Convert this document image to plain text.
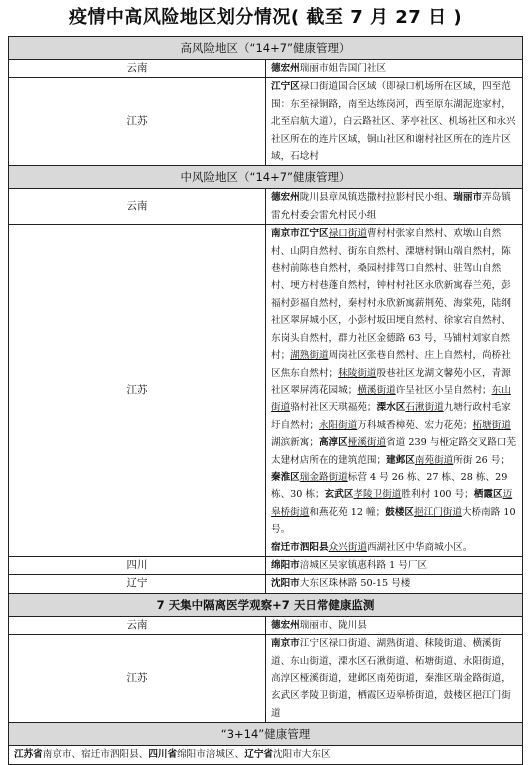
疫情中高风险地区划分情况( 截至 7 月 27 日 )
高风险地区（“14+7”健康管理）	
云南	德宏州瑞丽市姐告国门社区
江苏	江宁区禄口街道国合区域（即禄口机场所在区域，四至范围：东至禄铜路，南至达练岗河，西至原东湖泥迩家村，北至启航大道），白云路社区、茅亭社区、机场社区和永兴社区所在的连片区域，铜山社区和谢村社区所在的连片区域，石埝村
中风险地区（“14+7”健康管理）	
云南	德宏州陇川县章凤镇迭撒村拉影村民小组、瑞丽市弄岛镇雷允村委会雷允村民小组
江苏	南京市江宁区禄口街道曹村村张家自然村、欢墩山自然村、山阴自然村、街东自然村、溧塘村铜山端自然村，陈巷村前陈巷自然村，桑园村排驾口自然村、驻驾山自然村、埂方村巷蓬自然村，钟村村社区永欣新寓春兰苑，彭福村彭福自然村，秦村村永欣新寓薪荆苑、海棠苑，陆纲社区翠屏城小区，小彭村坂田埂自然村、徐家宕自然村、东岗头自然村，群力社区金德路 63 号，马铺村刘家自然村；湖熟街道周岗社区张巷自然村、庄上自然村，尚桥社区焦东自然村；秣陵街道殷巷社区龙湖文馨苑小区，青源社区翠屏湾花园城；横溪街道许呈社区小呈自然村；东山街道骆村社区天琪福苑；溧水区石湫街道九塘行政村毛家圩自然村；永阳街道万科城香樟苑、宏力花苑；柘塘街道湖滨新寓；高淳区桠溪街道省道 239 与桠定路交叉路口芜太建材店所在的建筑范围；建邺区南苑街道所街 26 号；秦淮区瑞金路街道标营 4 号 26 栋、27 栋、28 栋、29 栋、30 栋；玄武区孝陵卫街道胜利村 100 号；栖霞区迈皋桥街道和燕花苑 12 幢；鼓楼区挹江门街道大桥南路 10 号。
宿迁市泗阳县众兴街道西湖社区中华商城小区。
四川	绵阳市涪城区吴家镇惠科路 1 号厂区
辽宁	沈阳市大东区珠林路 50-15 号楼
7 天集中隔离医学观察+7 天日常健康监测	
云南	德宏州瑞丽市、陇川县
江苏	南京市江宁区禄口街道、湖熟街道、秣陵街道、横溪街道、东山街道，溧水区石湫街道、柘塘街道、永阳街道，高淳区桠溪街道，建邺区南苑街道，秦淮区瑞金路街道，玄武区孝陵卫街道，栖霞区迈皋桥街道，鼓楼区挹江门街道
“3+14”健康管理	
江苏省南京市、宿迁市泗阳县、四川省绵阳市涪城区、辽宁省沈阳市大东区	
